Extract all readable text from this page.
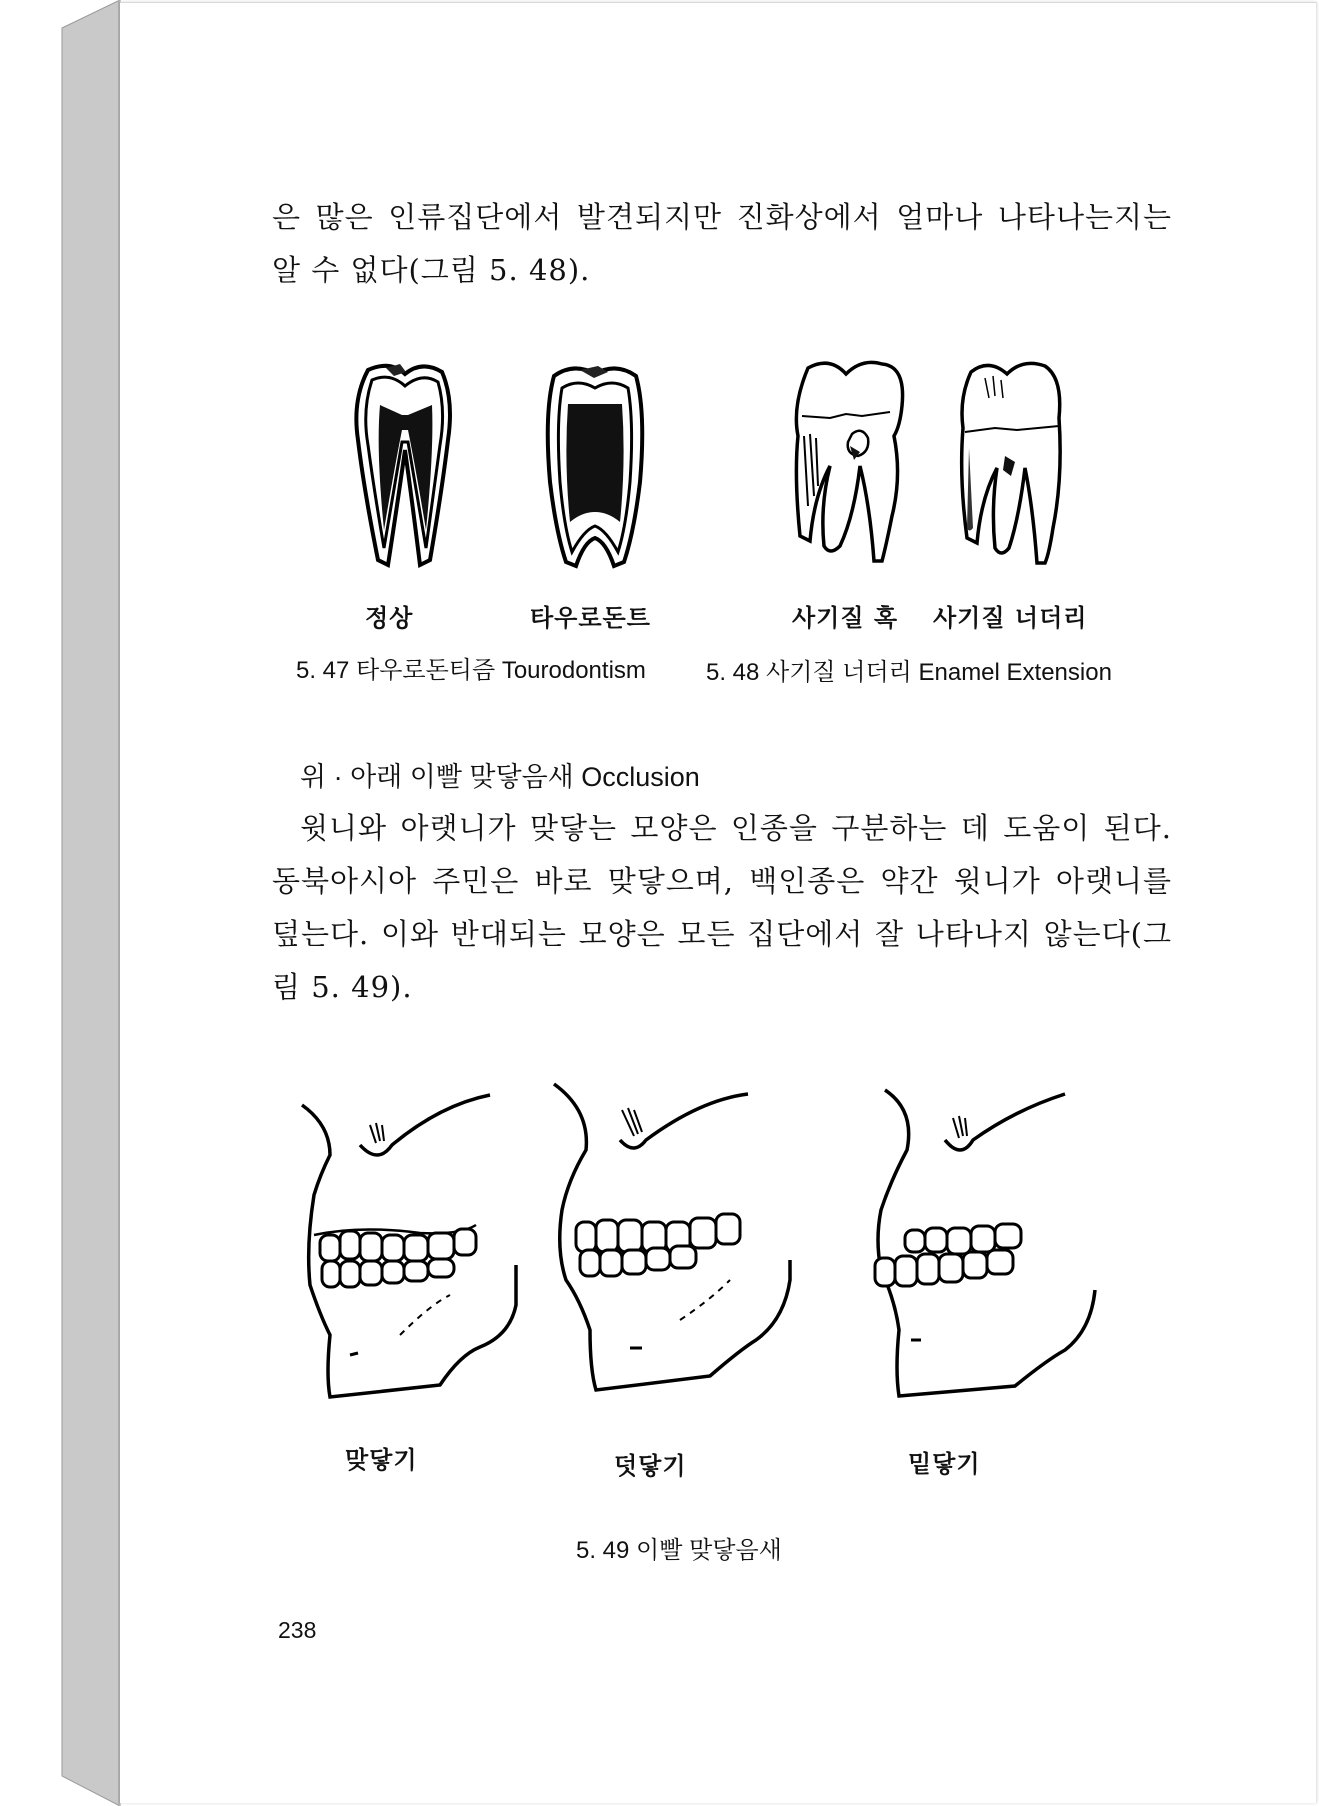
은 많은 인류집단에서 발견되지만 진화상에서 얼마나 나타나는지는
알 수 없다(그림 5. 48).
정상	타우로돈트	사기질 혹 사기질 너더리
5. 47 타우로돈티즘 Tourodontism	5. 48 사기질 너더리 Enamel Extension
위 · 아래 이빨 맞닿음새 Occlusion
윗니와 아랫니가 맞닿는 모양은 인종을 구분하는 데 도움이 된다.
동북아시아 주민은 바로 맞닿으며, 백인종은 약간 윗니가 아랫니를
덮는다. 이와 반대되는 모양은 모든 집단에서 잘 나타나지 않는다(그
림 5. 49).
맞닿기	덧닿기	밑닿기
5. 49 이빨 맞닿음새
238
